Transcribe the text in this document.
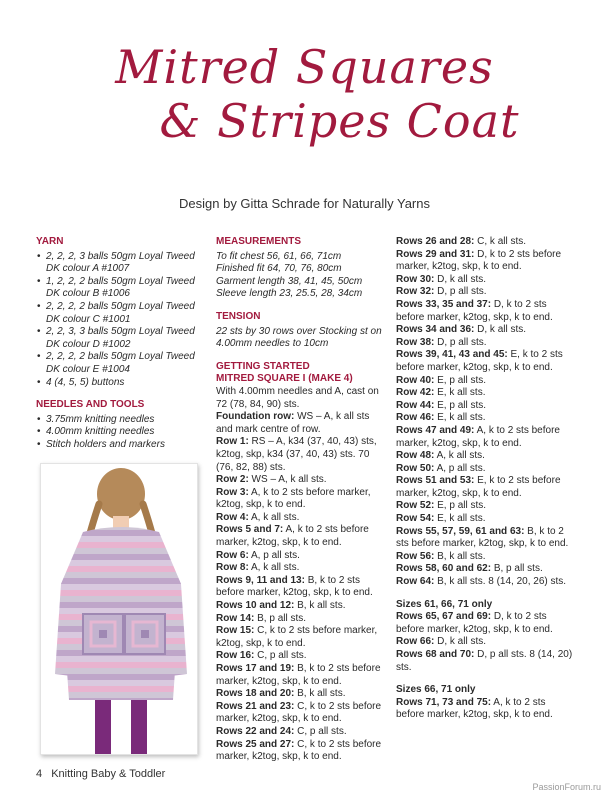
Mitred Squares
& Stripes Coat
Design by Gitta Schrade for Naturally Yarns

YARN

• 2, 2, 2, 3 balls 50gm Loyal Tweed DK colour A #1007
• 1, 2, 2, 2 balls 50gm Loyal Tweed DK colour B #1006
• 2, 2, 2, 2 balls 50gm Loyal Tweed DK colour C #1001
• 2, 2, 3, 3 balls 50gm Loyal Tweed DK colour D #1002
• 2, 2, 2, 2 balls 50gm Loyal Tweed DK colour E #1004
• 4 (4, 5, 5) buttons

NEEDLES AND TOOLS

• 3.75mm knitting needles
• 4.00mm knitting needles
• Stitch holders and markers

MEASUREMENTS

To fit chest 56, 61, 66, 71cm
Finished fit 64, 70, 76, 80cm
Garment length 38, 41, 45, 50cm
Sleeve length 23, 25.5, 28, 34cm

TENSION

22 sts by 30 rows over Stocking st on
4.00mm needles to 10cm

GETTING STARTED

MITRED SQUARE I (MAKE 4)

With 4.00mm needles and A, cast on 72 (78, 84, 90) sts.

Foundation row: WS – A, k all sts and mark centre of row.

Row 1: RS – A, k34 (37, 40, 43) sts, k2tog, skp, k34 (37, 40, 43) sts. 70 (76, 82, 88) sts.

Row 2: WS – A, k all sts.

Row 3: A, k to 2 sts before marker, k2tog, skp, k to end.

Row 4: A, k all sts.

Rows 5 and 7: A, k to 2 sts before marker, k2tog, skp, k to end.

Row 6: A, p all sts.

Row 8: A, k all sts.

Rows 9, 11 and 13: B, k to 2 sts before marker, k2tog, skp, k to end.

Rows 10 and 12: B, k all sts.

Row 14: B, p all sts.

Row 15: C, k to 2 sts before marker, k2tog, skp, k to end.

Row 16: C, p all sts.

Rows 17 and 19: B, k to 2 sts before marker, k2tog, skp, k to end.

Rows 18 and 20: B, k all sts.

Rows 21 and 23: C, k to 2 sts before marker, k2tog, skp, k to end.

Rows 22 and 24: C, p all sts.

Rows 25 and 27: C, k to 2 sts before marker, k2tog, skp, k to end.

Rows 26 and 28: C, k all sts.

Rows 29 and 31: D, k to 2 sts before marker, k2tog, skp, k to end.

Row 30: D, k all sts.

Row 32: D, p all sts.

Rows 33, 35 and 37: D, k to 2 sts before marker, k2tog, skp, k to end.

Rows 34 and 36: D, k all sts.

Row 38: D, p all sts.

Rows 39, 41, 43 and 45: E, k to 2 sts before marker, k2tog, skp, k to end.

Row 40: E, p all sts.

Row 42: E, k all sts.

Row 44: E, p all sts.

Row 46: E, k all sts.

Rows 47 and 49: A, k to 2 sts before marker, k2tog, skp, k to end.

Row 48: A, k all sts.

Row 50: A, p all sts.

Rows 51 and 53: E, k to 2 sts before marker, k2tog, skp, k to end.

Row 52: E, p all sts.

Row 54: E, k all sts.

Rows 55, 57, 59, 61 and 63: B, k to 2 sts before marker, k2tog, skp, k to end.

Row 56: B, k all sts.

Rows 58, 60 and 62: B, p all sts.

Row 64: B, k all sts. 8 (14, 20, 26) sts.

Sizes 61, 66, 71 only

Rows 65, 67 and 69: D, k to 2 sts before marker, k2tog, skp, k to end.

Row 66: D, k all sts.

Rows 68 and 70: D, p all sts. 8 (14, 20) sts.

Sizes 66, 71 only

Rows 71, 73 and 75: A, k to 2 sts before marker, k2tog, skp, k to end.

4 Knitting Baby & Toddler
PassionForum.ru
